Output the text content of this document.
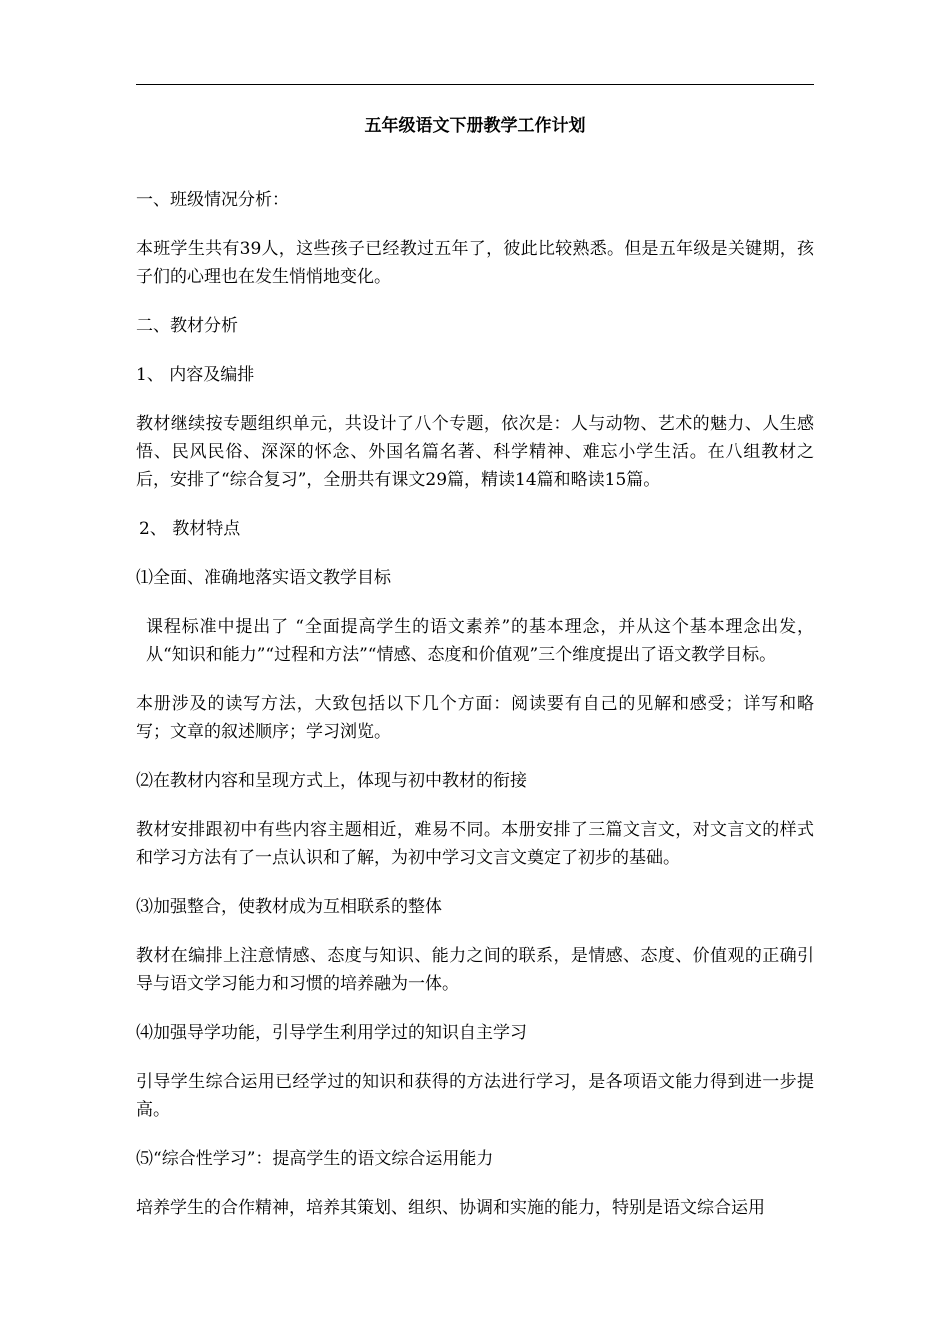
五年级语文下册教学工作计划

一、班级情况分析：

本班学生共有39人，这些孩子已经教过五年了，彼此比较熟悉。但是五年级是关键期，孩子们的心理也在发生悄悄地变化。

二、教材分析

1、 内容及编排

教材继续按专题组织单元，共设计了八个专题，依次是：人与动物、艺术的魅力、人生感悟、民风民俗、深深的怀念、外国名篇名著、科学精神、难忘小学生活。在八组教材之后，安排了“综合复习”，全册共有课文29篇，精读14篇和略读15篇。

2、 教材特点

⑴全面、准确地落实语文教学目标

课程标准中提出了 “全面提高学生的语文素养”的基本理念，并从这个基本理念出发，从“知识和能力”“过程和方法”“情感、态度和价值观”三个维度提出了语文教学目标。

本册涉及的读写方法，大致包括以下几个方面：阅读要有自己的见解和感受；详写和略写；文章的叙述顺序；学习浏览。

⑵在教材内容和呈现方式上，体现与初中教材的衔接

教材安排跟初中有些内容主题相近，难易不同。本册安排了三篇文言文，对文言文的样式和学习方法有了一点认识和了解，为初中学习文言文奠定了初步的基础。

⑶加强整合，使教材成为互相联系的整体

教材在编排上注意情感、态度与知识、能力之间的联系，是情感、态度、价值观的正确引导与语文学习能力和习惯的培养融为一体。

⑷加强导学功能，引导学生利用学过的知识自主学习

引导学生综合运用已经学过的知识和获得的方法进行学习，是各项语文能力得到进一步提高。

⑸“综合性学习”：提高学生的语文综合运用能力

培养学生的合作精神，培养其策划、组织、协调和实施的能力，特别是语文综合运用
